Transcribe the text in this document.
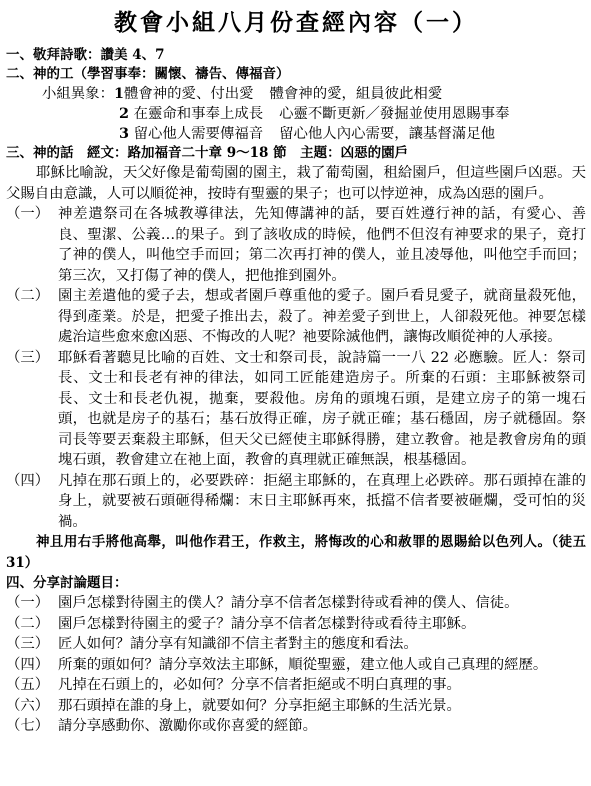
教會小組八月份查經內容（一）
一、敬拜詩歌：讚美 4、7
二、神的工（學習事奉：關懷、禱告、傳福音）
小組異象：1體會神的愛、付出愛 體會神的愛，組員彼此相愛
2 在靈命和事奉上成長 心靈不斷更新／發掘並使用恩賜事奉
3 留心他人需要傳福音 留心他人內心需要，讓基督滿足他
三、神的話　經文：路加福音二十章 9～18 節　主題：凶惡的園戶
耶穌比喻說，天父好像是葡萄園的園主，栽了葡萄園，租給園戶，但這些園戶凶惡。天父賜自由意識，人可以順從神，按時有聖靈的果子；也可以悖逆神，成為凶惡的園戶。
（一） 神差遣祭司在各城教導律法，先知傳講神的話，要百姓遵行神的話，有愛心、善良、聖潔、公義…的果子。到了該收成的時候，他們不但沒有神要求的果子，竟打了神的僕人，叫他空手而回；第二次再打神的僕人，並且凌辱他，叫他空手而回；第三次，又打傷了神的僕人，把他推到園外。
（二） 園主差遣他的愛子去，想或者園戶尊重他的愛子。園戶看見愛子，就商量殺死他，得到產業。於是，把愛子推出去，殺了。神差愛子到世上，人卻殺死他。神要怎樣處治這些愈來愈凶惡、不悔改的人呢？祂要除滅他們，讓悔改順從神的人承接。
（三） 耶穌看著聽見比喻的百姓、文士和祭司長，說詩篇一一八 22 必應驗。匠人：祭司長、文士和長老有神的律法，如同工匠能建造房子。所棄的石頭：主耶穌被祭司長、文士和長老仇視，拋棄，要殺他。房角的頭塊石頭，是建立房子的第一塊石頭，也就是房子的基石；基石放得正確，房子就正確；基石穩固，房子就穩固。祭司長等要丟棄殺主耶穌，但天父已經使主耶穌得勝，建立教會。祂是教會房角的頭塊石頭，教會建立在祂上面，教會的真理就正確無誤，根基穩固。
（四） 凡掉在那石頭上的，必要跌碎：拒絕主耶穌的，在真理上必跌碎。那石頭掉在誰的身上，就要被石頭砸得稀爛：末日主耶穌再來，抵擋不信者要被砸爛，受可怕的災禍。
神且用右手將他高舉，叫他作君王，作救主，將悔改的心和赦罪的恩賜給以色列人。（徒五 31）
四、分享討論題目：
（一） 園戶怎樣對待園主的僕人？請分享不信者怎樣對待或看神的僕人、信徒。
（二） 園戶怎樣對待園主的愛子？請分享不信者怎樣對待或看待主耶穌。
（三） 匠人如何？請分享有知識卻不信主者對主的態度和看法。
（四） 所棄的頭如何？請分享效法主耶穌，順從聖靈，建立他人或自己真理的經歷。
（五） 凡掉在石頭上的，必如何？分享不信者拒絕或不明白真理的事。
（六） 那石頭掉在誰的身上，就要如何？分享拒絕主耶穌的生活光景。
（七） 請分享感動你、激勵你或你喜愛的經節。
